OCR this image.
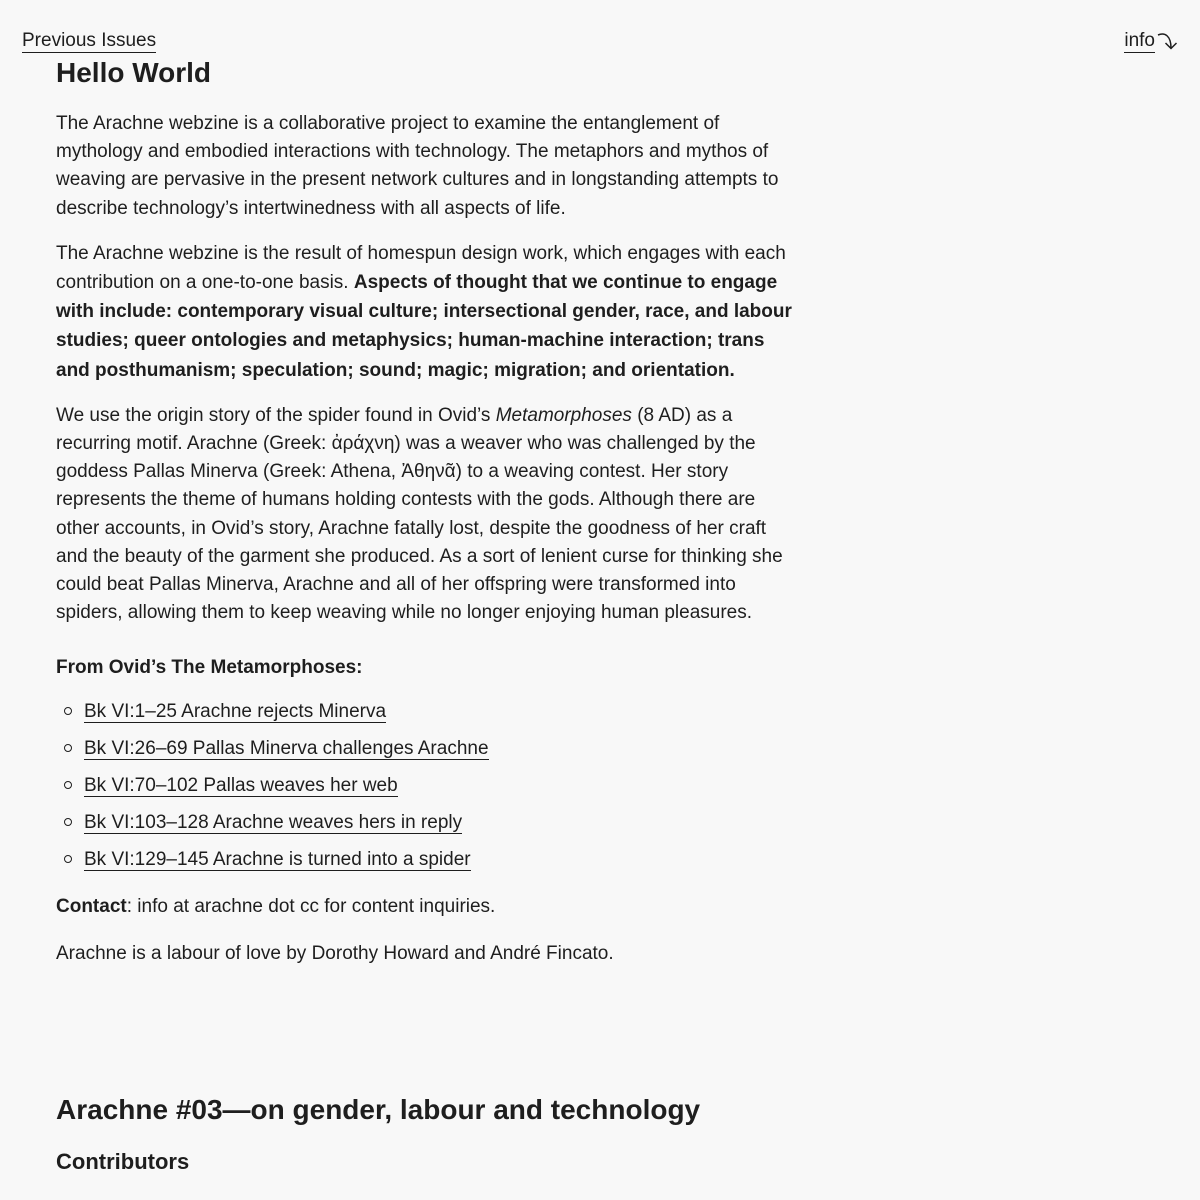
Previous Issues	info
Hello World

The Arachne webzine is a collaborative project to examine the entanglement of mythology and embodied interactions with technology. The metaphors and mythos of weaving are pervasive in the present network cultures and in longstanding attempts to describe technology’s intertwinedness with all aspects of life.

The Arachne webzine is the result of homespun design work, which engages with each contribution on a one-to-one basis. Aspects of thought that we continue to engage with include: contemporary visual culture; intersectional gender, race, and labour studies; queer ontologies and metaphysics; human-machine interaction; trans and posthumanism; speculation; sound; magic; migration; and orientation.

We use the origin story of the spider found in Ovid’s Metamorphoses (8 AD) as a recurring motif. Arachne (Greek: ἀράχνη) was a weaver who was challenged by the goddess Pallas Minerva (Greek: Athena, Ἀθηνᾶ) to a weaving contest. Her story represents the theme of humans holding contests with the gods. Although there are other accounts, in Ovid’s story, Arachne fatally lost, despite the goodness of her craft and the beauty of the garment she produced. As a sort of lenient curse for thinking she could beat Pallas Minerva, Arachne and all of her offspring were transformed into spiders, allowing them to keep weaving while no longer enjoying human pleasures.

From Ovid’s The Metamorphoses:
Bk VI:1–25 Arachne rejects Minerva
Bk VI:26–69 Pallas Minerva challenges Arachne
Bk VI:70–102 Pallas weaves her web
Bk VI:103–128 Arachne weaves hers in reply
Bk VI:129–145 Arachne is turned into a spider

Contact: info at arachne dot cc for content inquiries.

Arachne is a labour of love by Dorothy Howard and André Fincato.

Arachne #03—on gender, labour and technology
Contributors
